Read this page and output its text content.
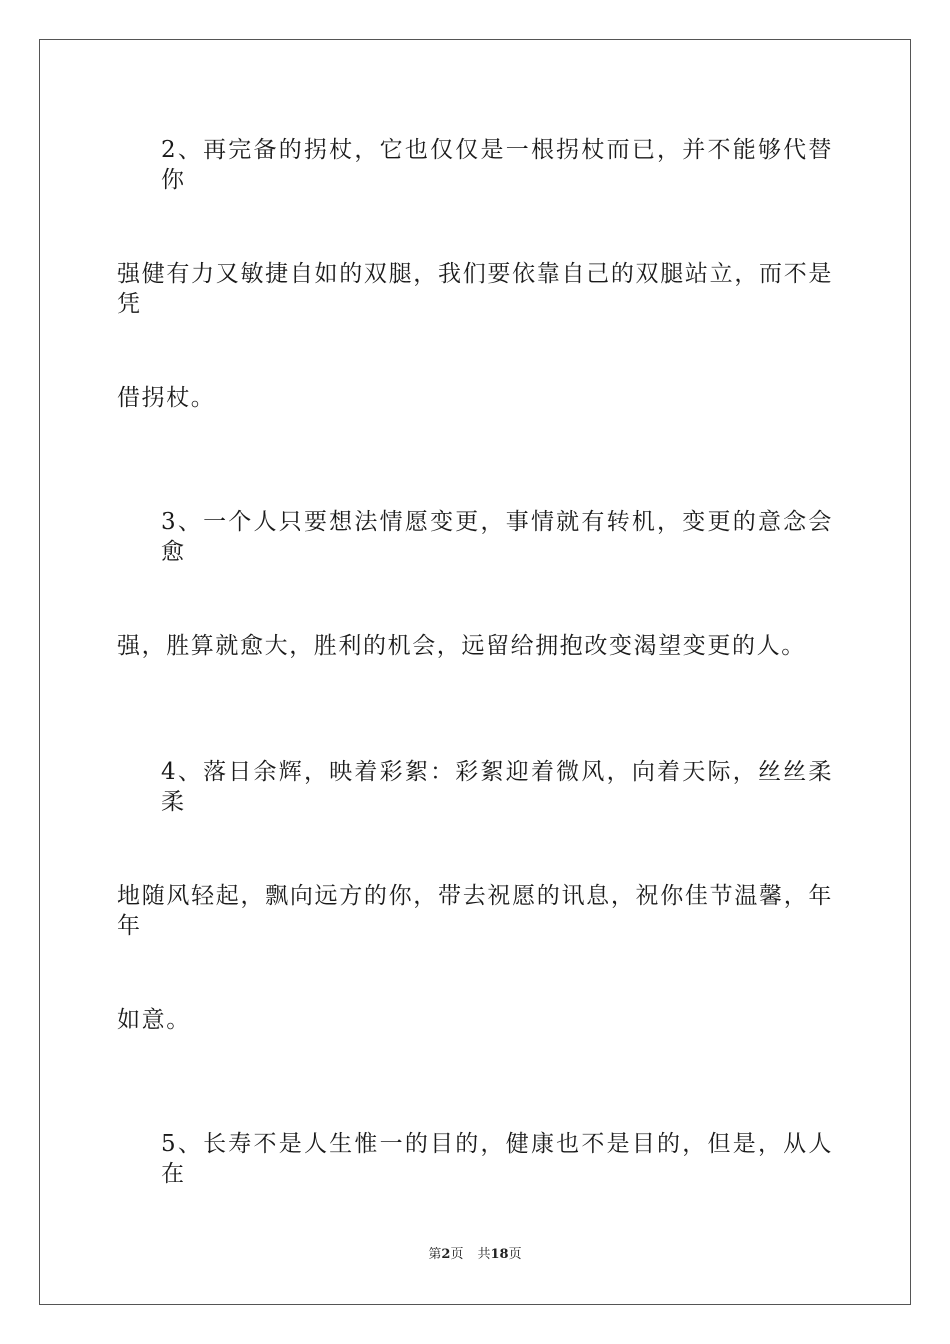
2、再完备的拐杖，它也仅仅是一根拐杖而已，并不能够代替你
强健有力又敏捷自如的双腿，我们要依靠自己的双腿站立，而不是凭
借拐杖。
3、一个人只要想法情愿变更，事情就有转机，变更的意念会愈
强，胜算就愈大，胜利的机会，远留给拥抱改变渴望变更的人。
4、落日余辉，映着彩絮：彩絮迎着微风，向着天际，丝丝柔柔
地随风轻起，飘向远方的你，带去祝愿的讯息，祝你佳节温馨，年年
如意。
5、长寿不是人生惟一的目的，健康也不是目的，但是，从人在
第2页 共18页
